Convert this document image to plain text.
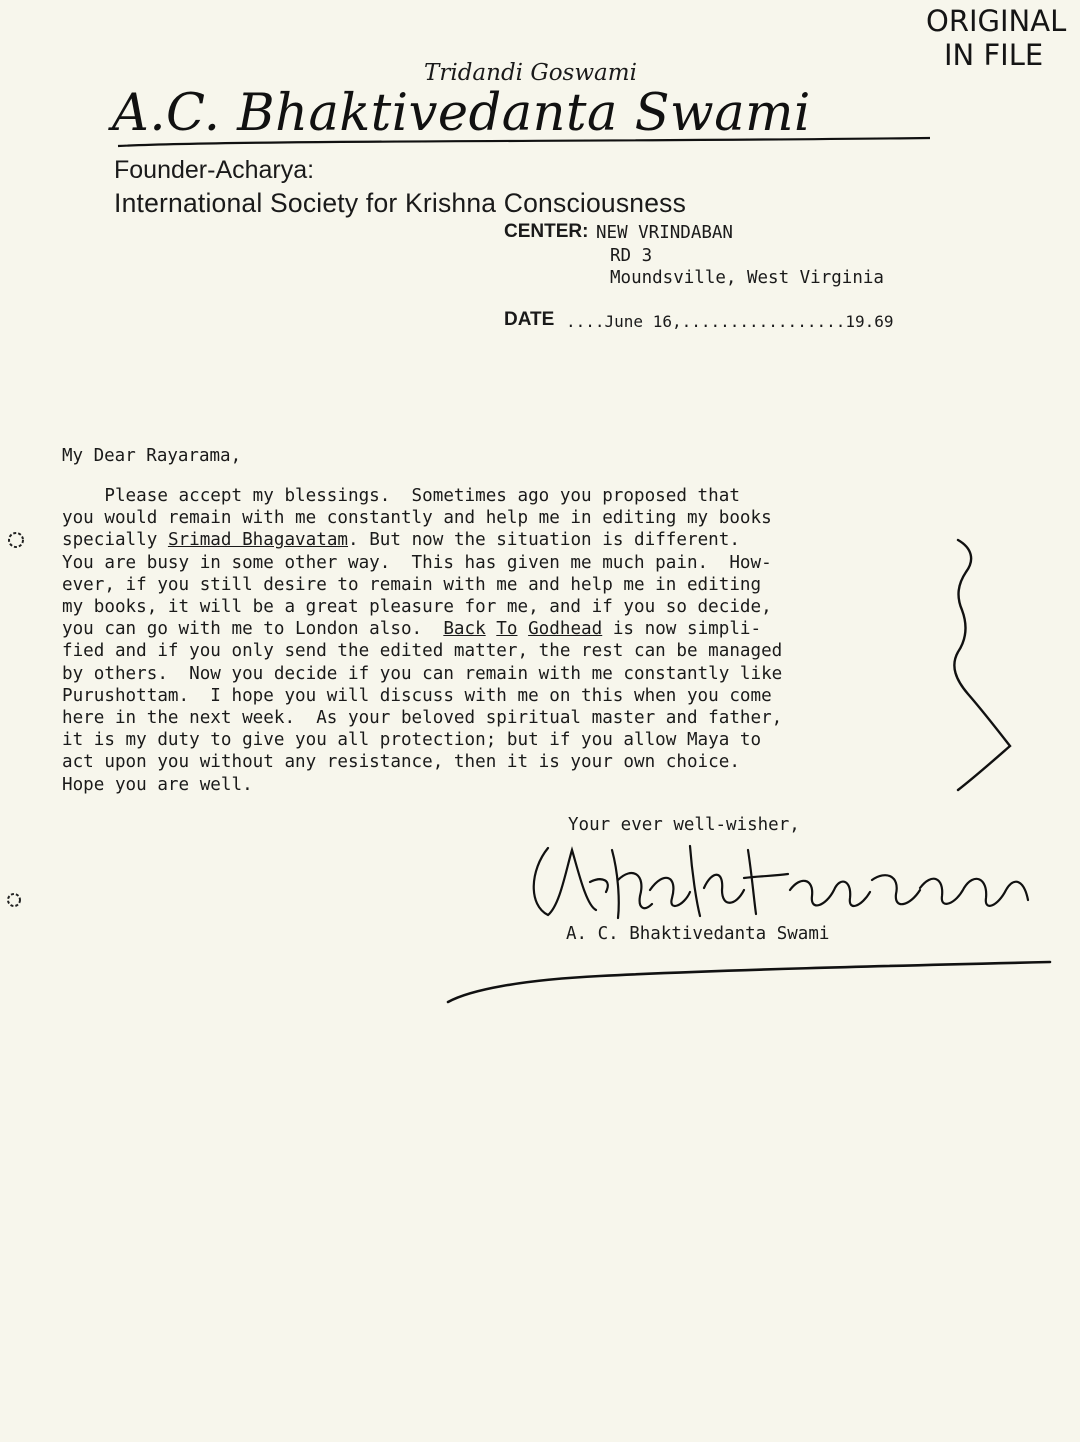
ORIGINAL
IN FILE
Tridandi Goswami
A.C. Bhaktivedanta Swami
Founder-Acharya:
International Society for Krishna Consciousness
CENTER: NEW VRINDABAN
RD 3
Moundsville, West Virginia
DATE ....June 16,.................19.69
My Dear Rayarama,
Please accept my blessings.  Sometimes ago you proposed that
you would remain with me constantly and help me in editing my books
specially Srimad Bhagavatam. But now the situation is different.
You are busy in some other way.  This has given me much pain.  How-
ever, if you still desire to remain with me and help me in editing
my books, it will be a great pleasure for me, and if you so decide,
you can go with me to London also.  Back To Godhead is now simpli-
fied and if you only send the edited matter, the rest can be managed
by others.  Now you decide if you can remain with me constantly like
Purushottam.  I hope you will discuss with me on this when you come
here in the next week.  As your beloved spiritual master and father,
it is my duty to give you all protection; but if you allow Maya to
act upon you without any resistance, then it is your own choice.
Hope you are well.
Your ever well-wisher,
A. C. Bhaktivedanta Swami
